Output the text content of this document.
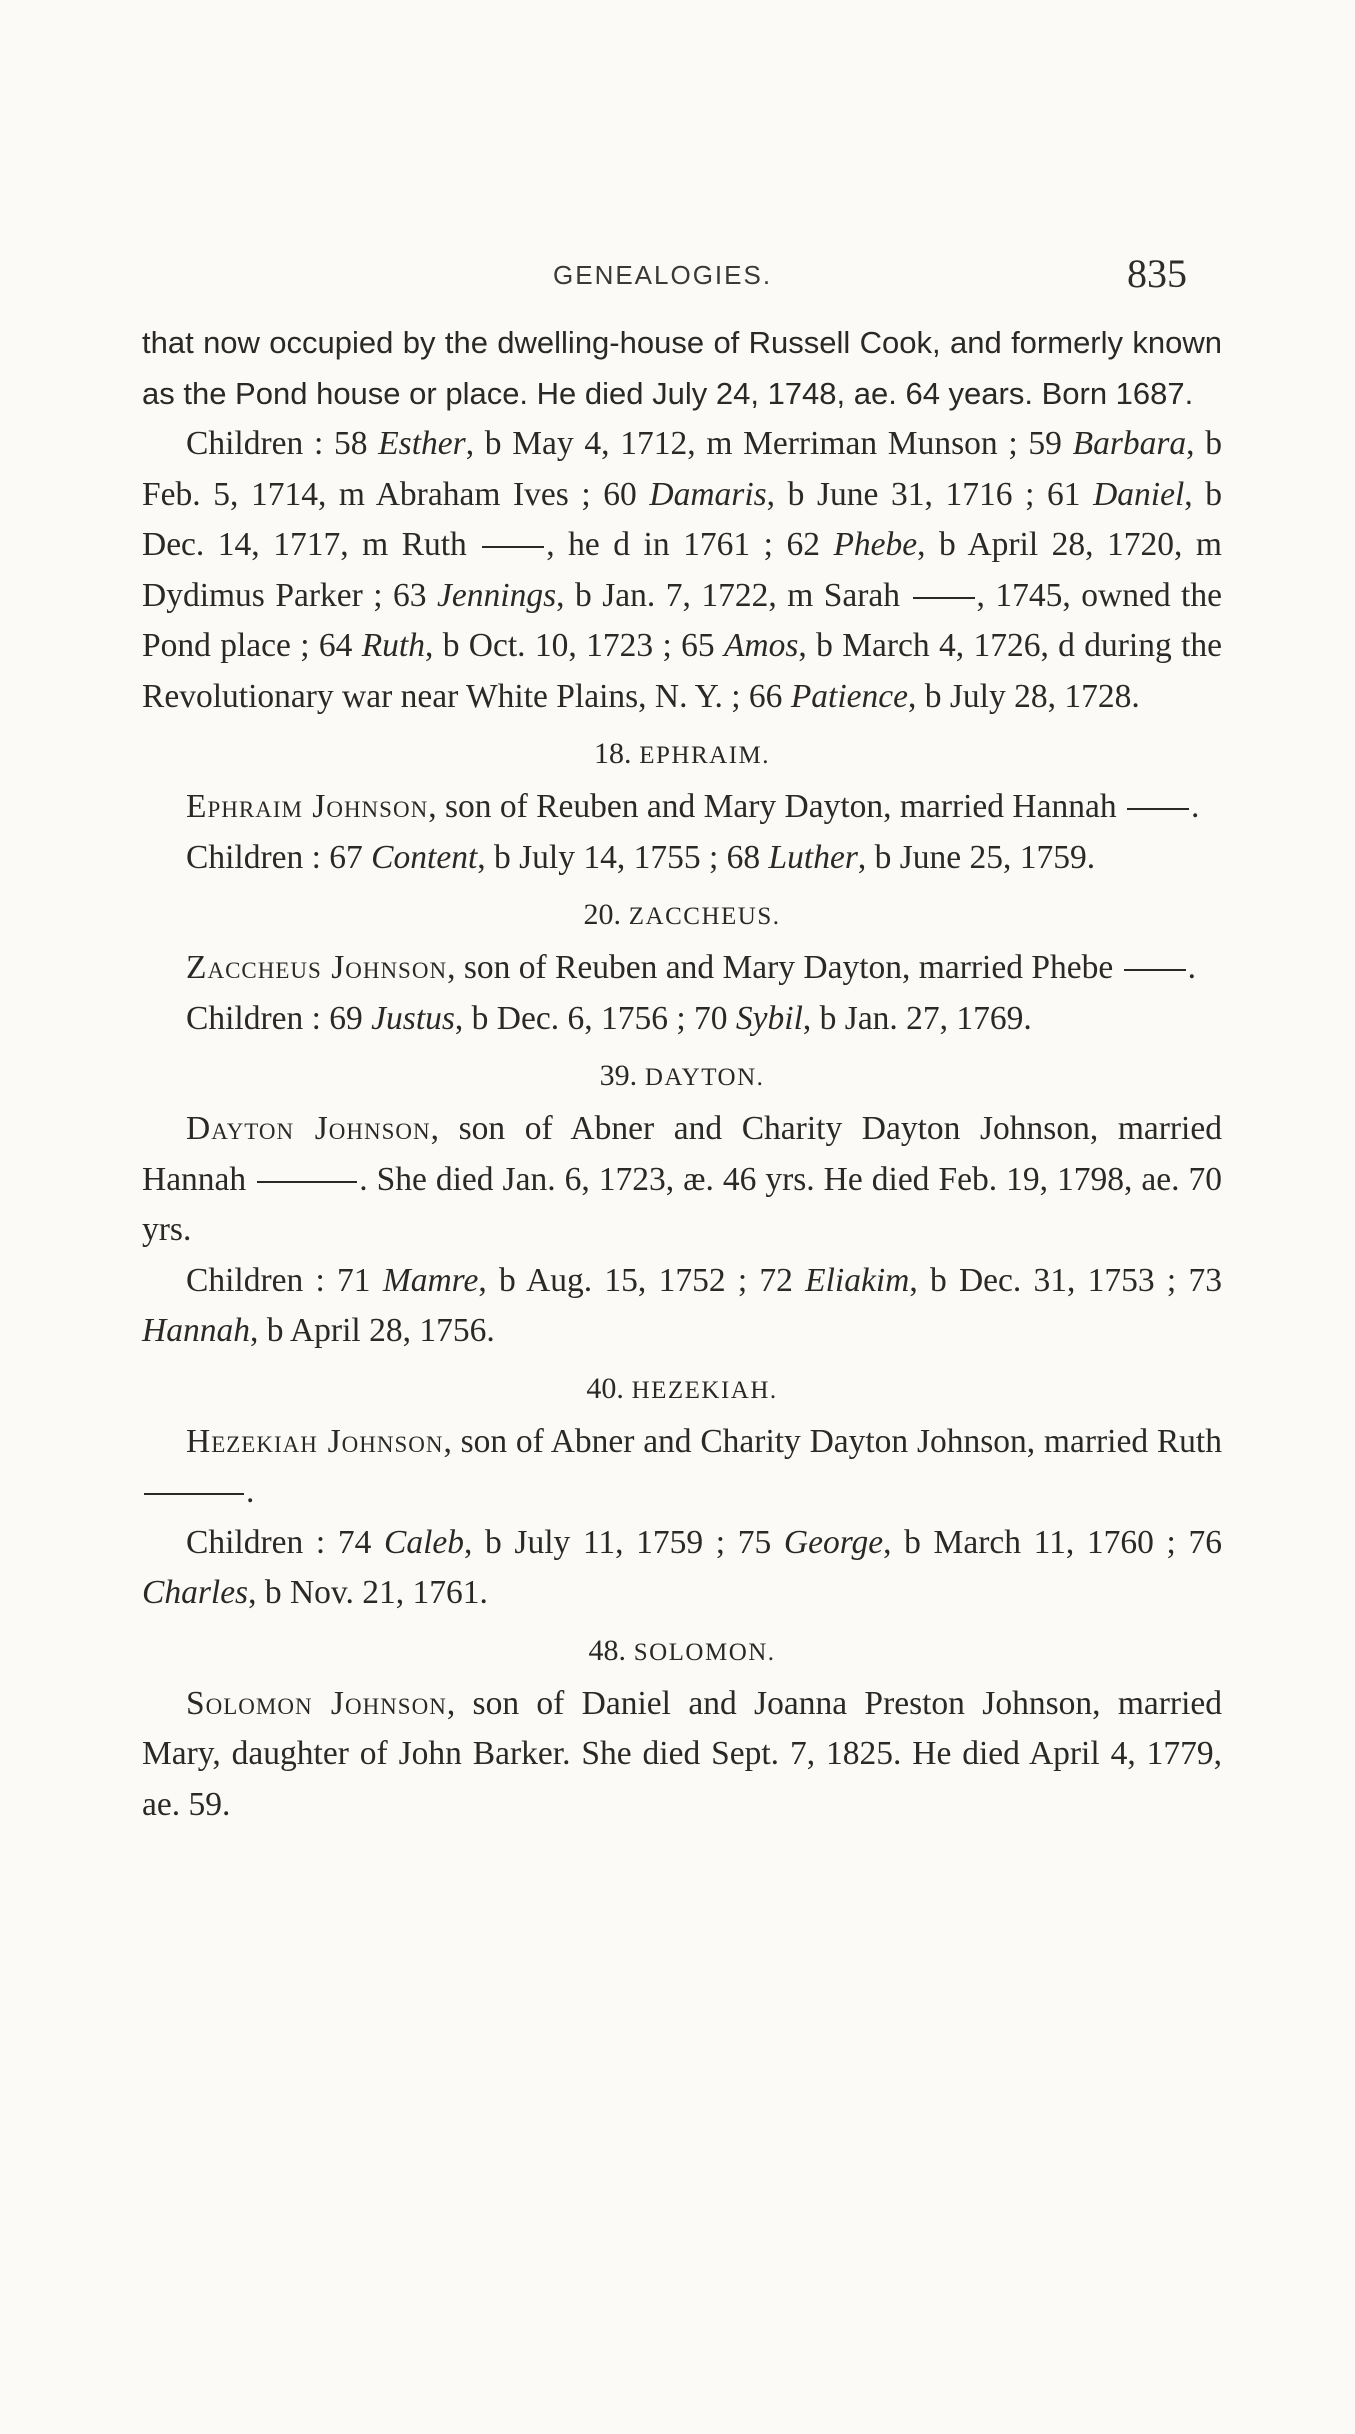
GENEALOGIES.	835

that now occupied by the dwelling-house of Russell Cook, and formerly known as the Pond house or place. He died July 24, 1748, ae. 64 years. Born 1687.

Children : 58 Esther, b May 4, 1712, m Merriman Munson ; 59 Barbara, b Feb. 5, 1714, m Abraham Ives ; 60 Damaris, b June 31, 1716 ; 61 Daniel, b Dec. 14, 1717, m Ruth , he d in 1761 ; 62 Phebe, b April 28, 1720, m Dydimus Parker ; 63 Jennings, b Jan. 7, 1722, m Sarah , 1745, owned the Pond place ; 64 Ruth, b Oct. 10, 1723 ; 65 Amos, b March 4, 1726, d during the Revolutionary war near White Plains, N. Y. ; 66 Patience, b July 28, 1728.

18. EPHRAIM.

Ephraim Johnson, son of Reuben and Mary Dayton, married Hannah .

Children : 67 Content, b July 14, 1755 ; 68 Luther, b June 25, 1759.

20. ZACCHEUS.

Zaccheus Johnson, son of Reuben and Mary Dayton, married Phebe .

Children : 69 Justus, b Dec. 6, 1756 ; 70 Sybil, b Jan. 27, 1769.

39. DAYTON.

Dayton Johnson, son of Abner and Charity Dayton Johnson, married Hannah	. She died Jan. 6, 1723, æ. 46 yrs. He died Feb. 19, 1798, ae. 70 yrs.

Children : 71 Mamre, b Aug. 15, 1752 ; 72 Eliakim, b Dec. 31, 1753 ; 73 Hannah, b April 28, 1756.

40. HEZEKIAH.

Hezekiah Johnson, son of Abner and Charity Dayton Johnson, married Ruth .

Children : 74 Caleb, b July 11, 1759 ; 75 George, b March 11, 1760 ; 76 Charles, b Nov. 21, 1761.

48. SOLOMON.

Solomon Johnson, son of Daniel and Joanna Preston Johnson, married Mary, daughter of John Barker. She died Sept. 7, 1825. He died April 4, 1779, ae. 59.
